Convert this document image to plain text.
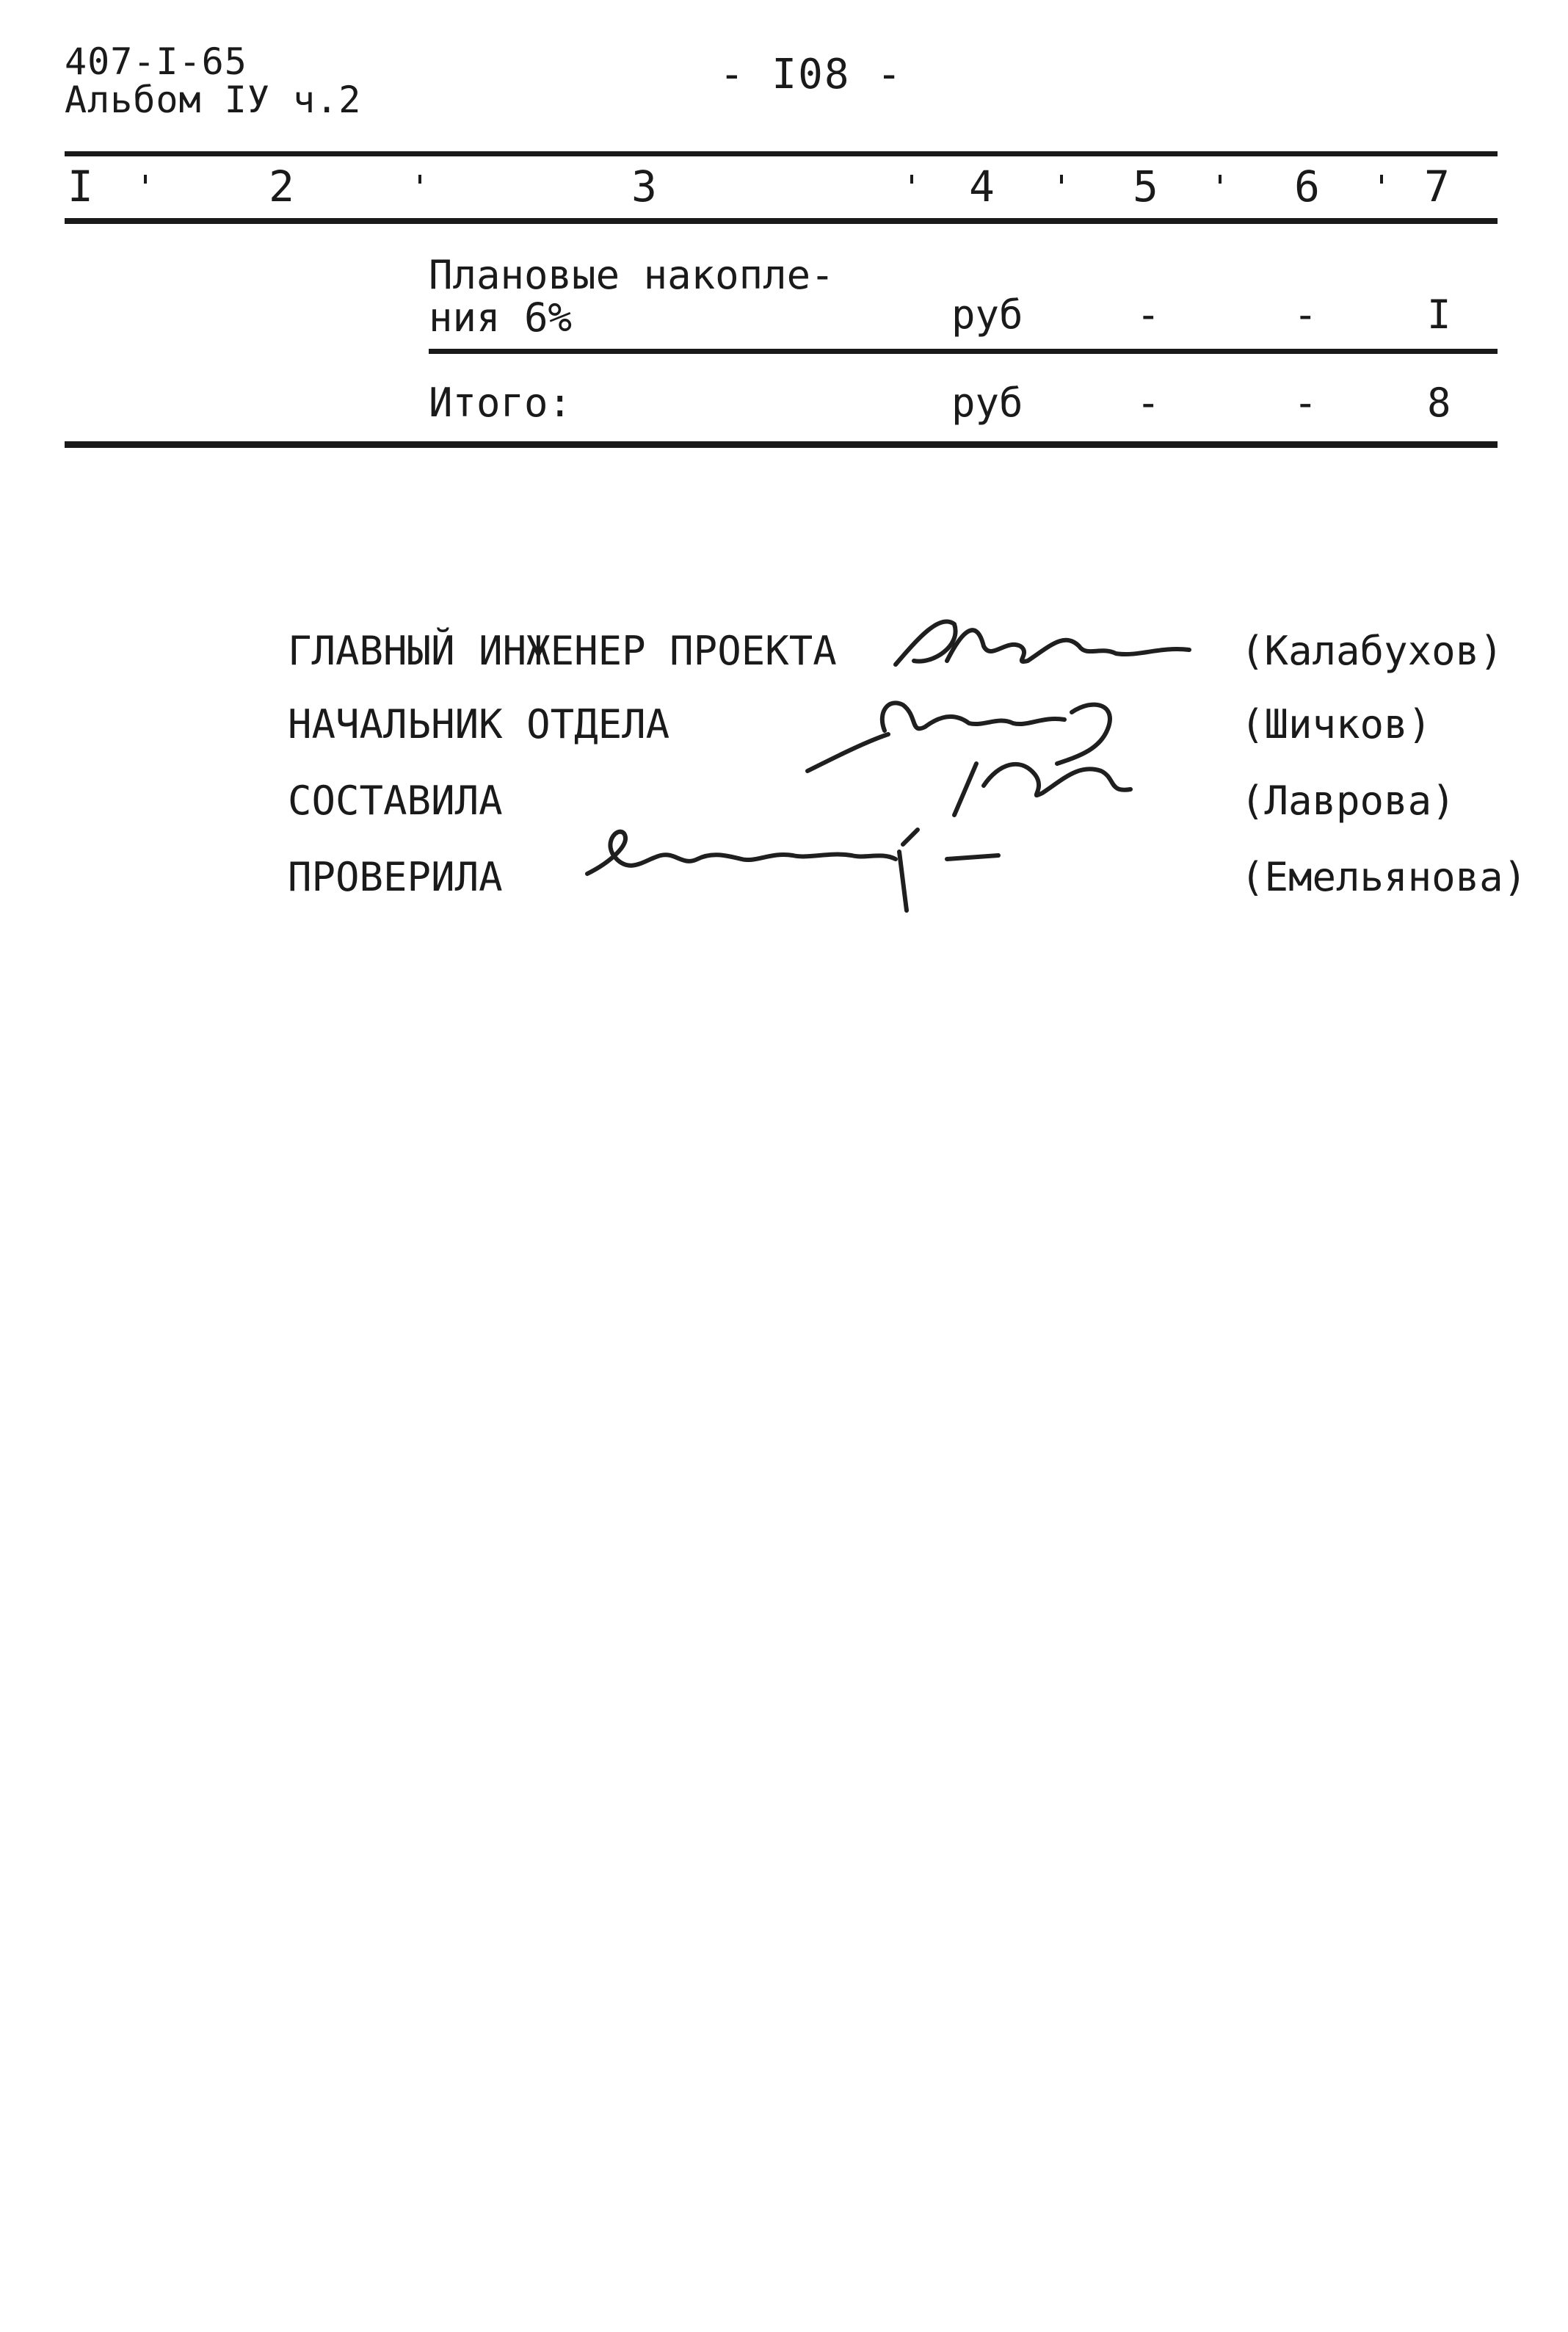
407-I-65
Альбом IУ ч.2
- I08 -
I	2	3	4	5	6 7
Плановые накопле- ния 6%	руб	-	-	I
Итого:	руб	-	-	8
ГЛАВНЫЙ ИНЖЕНЕР ПРОЕКТА	(Калабухов)
НАЧАЛЬНИК ОТДЕЛА	(Шичков)
СОСТАВИЛА	(Лаврова)
ПРОВЕРИЛА	(Емельянова)
